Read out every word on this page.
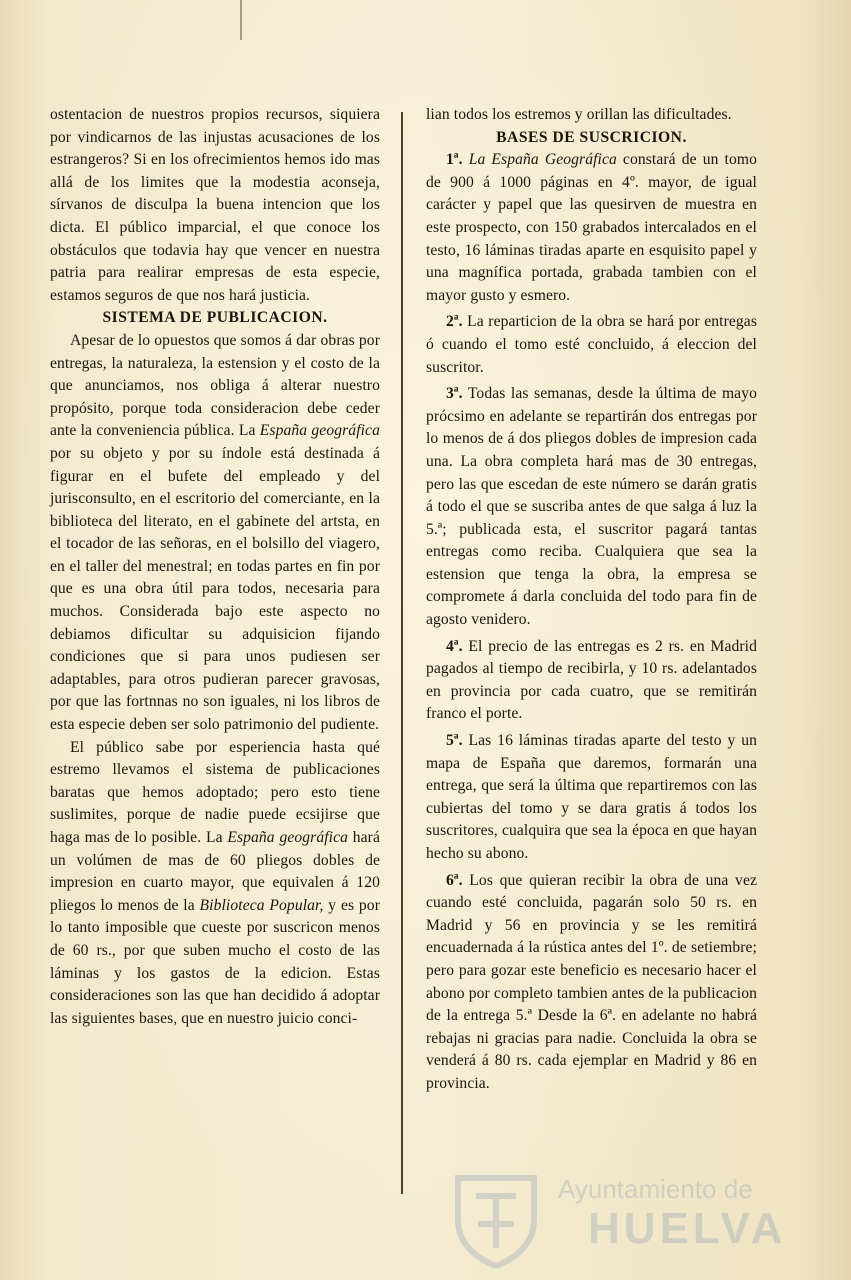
ostentacion de nuestros propios recursos, siquiera por vindicarnos de las injustas acusaciones de los estrangeros? Si en los ofrecimientos hemos ido mas allá de los limites que la modestia aconseja, sírvanos de disculpa la buena intencion que los dicta. El público imparcial, el que conoce los obstáculos que todavia hay que vencer en nuestra patria para realirar empresas de esta especie, estamos seguros de que nos hará justicia.

SISTEMA DE PUBLICACION.

Apesar de lo opuestos que somos á dar obras por entregas, la naturaleza, la estension y el costo de la que anunciamos, nos obliga á alterar nuestro propósito, porque toda consideracion debe ceder ante la conveniencia pública. La España geográfica por su objeto y por su índole está destinada á figurar en el bufete del empleado y del jurisconsulto, en el escritorio del comerciante, en la biblioteca del literato, en el gabinete del artsta, en el tocador de las señoras, en el bolsillo del viagero, en el taller del menestral; en todas partes en fin por que es una obra útil para todos, necesaria para muchos. Considerada bajo este aspecto no debiamos dificultar su adquisicion fijando condiciones que si para unos pudiesen ser adaptables, para otros pudieran parecer gravosas, por que las fortnnas no son iguales, ni los libros de esta especie deben ser solo patrimonio del pudiente.

El público sabe por esperiencia hasta qué estremo llevamos el sistema de publicaciones baratas que hemos adoptado; pero esto tiene suslimites, porque de nadie puede ecsijirse que haga mas de lo posible. La España geográfica hará un volúmen de mas de 60 pliegos dobles de impresion en cuarto mayor, que equivalen á 120 pliegos lo menos de la Biblioteca Popular, y es por lo tanto imposible que cueste por suscricon menos de 60 rs., por que suben mucho el costo de las láminas y los gastos de la edicion. Estas consideraciones son las que han decidido á adoptar las siguientes bases, que en nuestro juicio conci-

lian todos los estremos y orillan las dificultades.

BASES DE SUSCRICION.

1ª. La España Geográfica constará de un tomo de 900 á 1000 páginas en 4º. mayor, de igual carácter y papel que las quesirven de muestra en este prospecto, con 150 grabados intercalados en el testo, 16 láminas tiradas aparte en esquisito papel y una magnífica portada, grabada tambien con el mayor gusto y esmero.

2ª. La reparticion de la obra se hará por entregas ó cuando el tomo esté concluido, á eleccion del suscritor.

3ª. Todas las semanas, desde la última de mayo prócsimo en adelante se repartirán dos entregas por lo menos de á dos pliegos dobles de impresion cada una. La obra completa hará mas de 30 entregas, pero las que escedan de este número se darán gratis á todo el que se suscriba antes de que salga á luz la 5.ª; publicada esta, el suscritor pagará tantas entregas como reciba. Cualquiera que sea la estension que tenga la obra, la empresa se compromete á darla concluida del todo para fin de agosto venidero.

4ª. El precio de las entregas es 2 rs. en Madrid pagados al tiempo de recibirla, y 10 rs. adelantados en provincia por cada cuatro, que se remitirán franco el porte.

5ª. Las 16 láminas tiradas aparte del testo y un mapa de España que daremos, formarán una entrega, que será la última que repartiremos con las cubiertas del tomo y se dara gratis á todos los suscritores, cualquira que sea la época en que hayan hecho su abono.

6ª. Los que quieran recibir la obra de una vez cuando esté concluida, pagarán solo 50 rs. en Madrid y 56 en provincia y se les remitirá encuadernada á la rústica antes del 1º. de setiembre; pero para gozar este beneficio es necesario hacer el abono por completo tambien antes de la publicacion de la entrega 5.ª Desde la 6ª. en adelante no habrá rebajas ni gracias para nadie. Concluida la obra se venderá á 80 rs. cada ejemplar en Madrid y 86 en provincia.

Ayuntamiento de
HUELVA
